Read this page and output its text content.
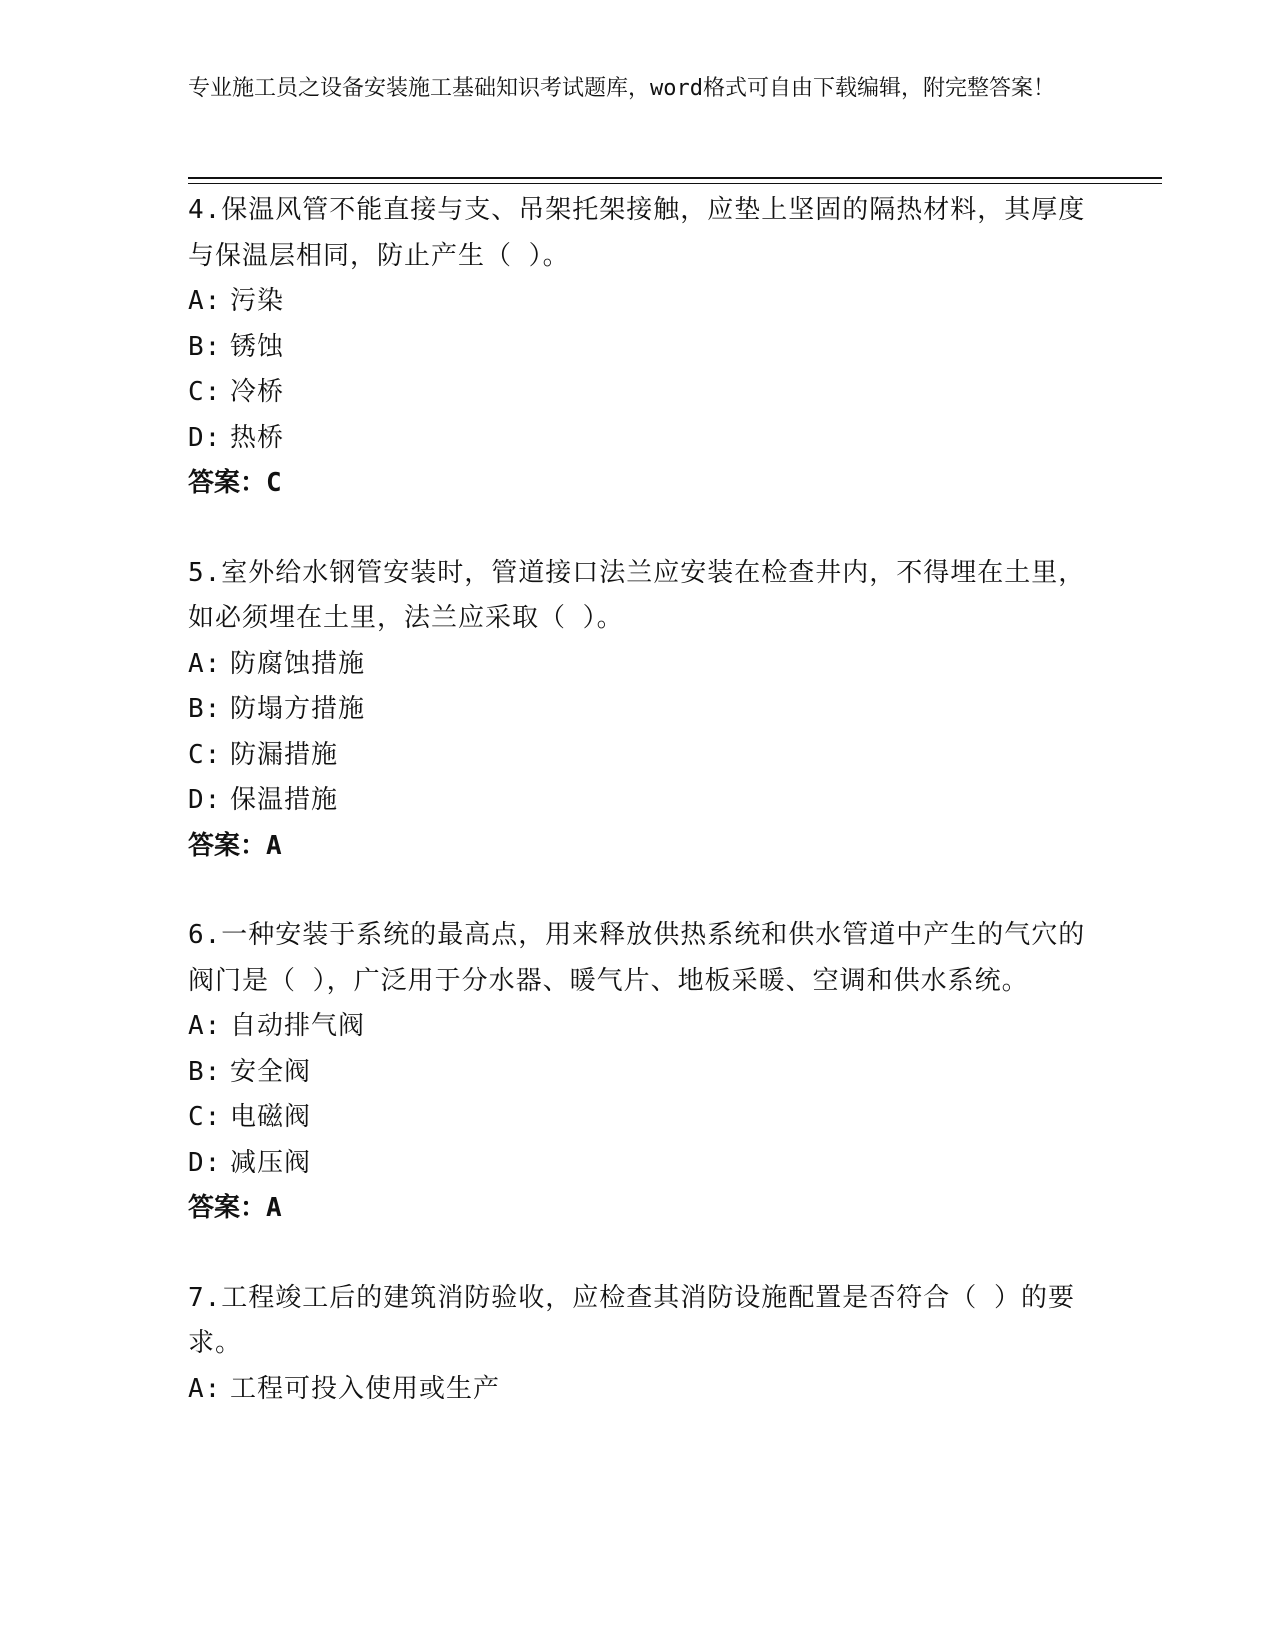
专业施工员之设备安装施工基础知识考试题库，word格式可自由下载编辑，附完整答案！
4.保温风管不能直接与支、吊架托架接触，应垫上坚固的隔热材料，其厚度与保温层相同，防止产生（ ）。
A: 污染
B: 锈蚀
C: 冷桥
D: 热桥
答案：C
5.室外给水钢管安装时，管道接口法兰应安装在检查井内，不得埋在土里，如必须埋在土里，法兰应采取（ ）。
A: 防腐蚀措施
B: 防塌方措施
C: 防漏措施
D: 保温措施
答案：A
6.一种安装于系统的最高点，用来释放供热系统和供水管道中产生的气穴的阀门是（ ），广泛用于分水器、暖气片、地板采暖、空调和供水系统。
A: 自动排气阀
B: 安全阀
C: 电磁阀
D: 减压阀
答案：A
7.工程竣工后的建筑消防验收，应检查其消防设施配置是否符合（ ）的要求。
A: 工程可投入使用或生产
